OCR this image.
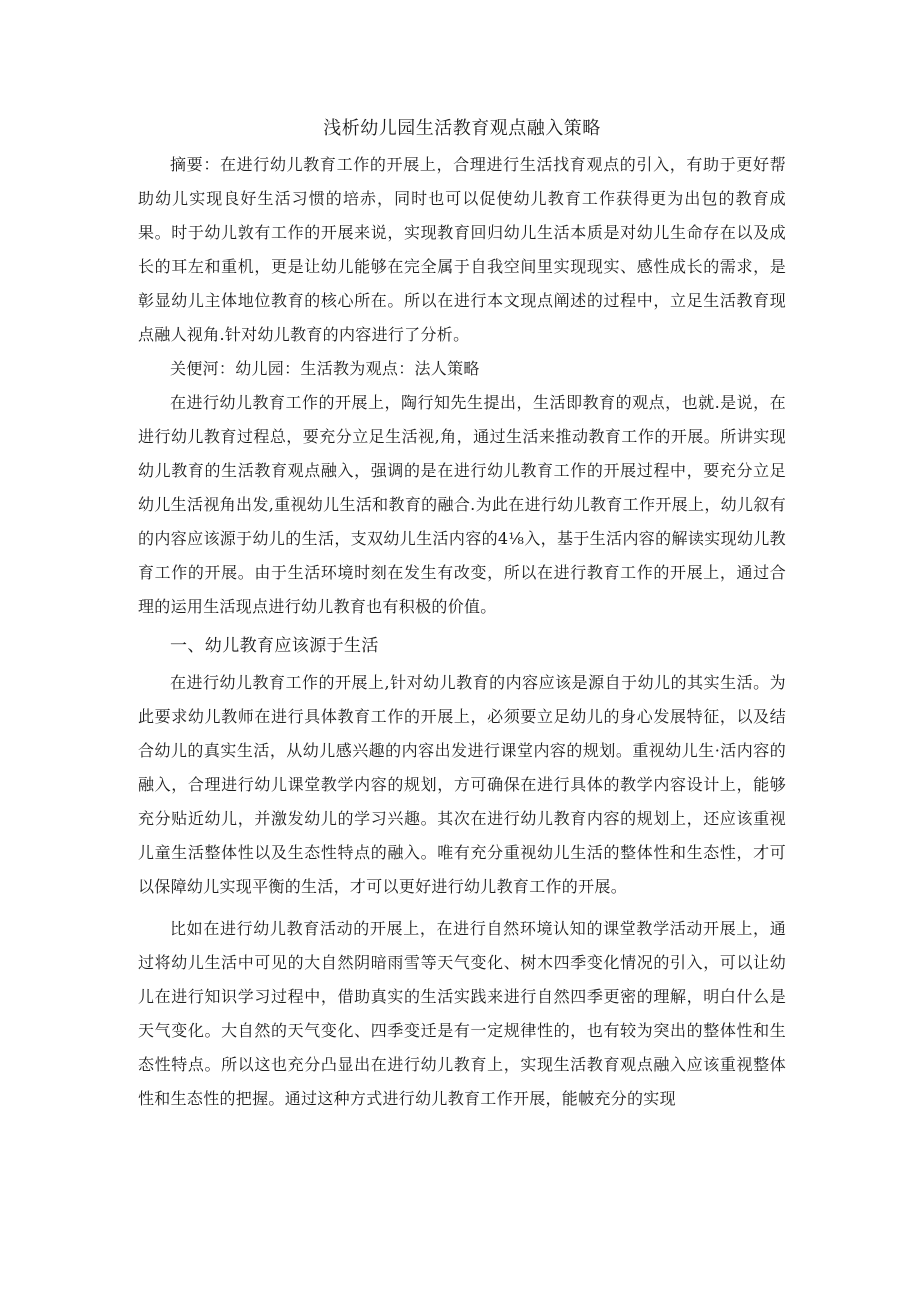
浅析幼儿园生活教育观点融入策略

摘要：在进行幼儿教育工作的开展上，合理进行生活找育观点的引入，有助于更好帮助幼儿实现良好生活习惯的培赤，同时也可以促使幼儿教育工作获得更为出包的教育成果。时于幼儿敦有工作的开展来说，实现教育回归幼儿生活本质是对幼儿生命存在以及成长的耳左和重机，更是让幼儿能够在完全属于自我空间里实现现实、感性成长的需求，是彰显幼儿主体地位教育的核心所在。所以在进行本文现点阐述的过程中，立足生活教育现点融人视角.针对幼儿教育的内容进行了分析。

关便河：幼儿园：生活教为观点：法人策略

在进行幼儿教育工作的开展上，陶行知先生提出，生活即教育的观点，也就.是说，在进行幼儿教育过程总，要充分立足生活视,角，通过生活来推动教育工作的开展。所讲实现幼儿教育的生活教育观点融入，强调的是在进行幼儿教育工作的开展过程中，要充分立足幼儿生活视角出发,重视幼儿生活和教育的融合.为此在进行幼儿教育工作开展上，幼儿叙有的内容应该源于幼儿的生活，支双幼儿生活内容的4⅛入，基于生活内容的解读实现幼儿教育工作的开展。由于生活环境时刻在发生有改变，所以在进行教育工作的开展上，通过合理的运用生活现点进行幼儿教育也有积极的价值。

一、幼儿教育应该源于生活

在进行幼儿教育工作的开展上,针对幼儿教育的内容应该是源自于幼儿的其实生活。为此要求幼儿教师在进行具体教育工作的开展上，必须要立足幼儿的身心发展特征，以及结合幼儿的真实生活，从幼儿感兴趣的内容出发进行课堂内容的规划。重视幼儿生·活内容的融入，合理进行幼儿课堂教学内容的规划，方可确保在进行具体的教学内容设计上，能够充分贴近幼儿，并激发幼儿的学习兴趣。其次在进行幼儿教育内容的规划上，还应该重视儿童生活整体性以及生态性特点的融入。唯有充分重视幼儿生活的整体性和生态性，才可以保障幼儿实现平衡的生活，才可以更好进行幼儿教育工作的开展。

比如在进行幼儿教育活动的开展上，在进行自然环境认知的课堂教学活动开展上，通过将幼儿生活中可见的大自然阴暗雨雪等天气变化、树木四季变化情况的引入，可以让幼儿在进行知识学习过程中，借助真实的生活实践来进行自然四季更密的理解，明白什么是天气变化。大自然的天气变化、四季变迁是有一定规律性的，也有较为突出的整体性和生态性特点。所以这也充分凸显出在进行幼儿教育上，实现生活教育观点融入应该重视整体性和生态性的把握。通过这种方式进行幼儿教育工作开展，能帔充分的实现
